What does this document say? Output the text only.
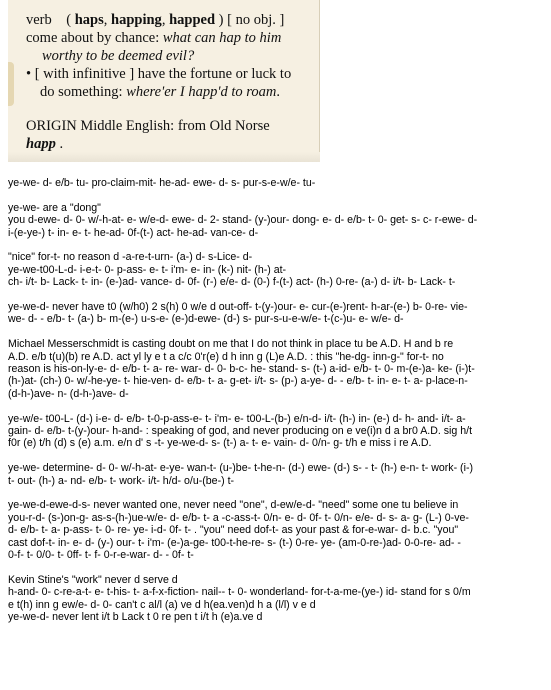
verb ( haps, happing, happed ) [ no obj. ]

come about by chance: what can hap to him

worthy to be deemed evil?

• [ with infinitive ] have the fortune or luck to

do something: where'er I happ'd to roam.

ORIGIN Middle English: from Old Norse

happ .

ye-we- d- e/b- tu- pro-claim-mit- he-ad- ewe- d- s- pur-s-e-w/e- tu-
ye-we- are a "dong"
you d-ewe- d- 0- w/-h-at- e- w/e-d- ewe- d- 2- stand- (y-)our- dong- e- d- e/b- t- 0- get- s- c- r-ewe- d-
i-(e-ye-) t- in- e- t- he-ad- 0f-(t-) act- he-ad- van-ce- d-
"nice" for-t- no reason d -a-re-t-urn- (a-) d- s-Lice- d-
ye-we-t00-L-d- i-e-t- 0- p-ass- e- t- i'm- e- in- (k-) nit- (h-) at-
ch- i/t- b- Lack- t- in- (e-)ad- vance- d- 0f- (r-) e/e- d- (0-) f-(t-) act- (h-) 0-re- (a-) d- i/t- b- Lack- t-
ye-we-d- never have t0 (w/h0) 2 s(h) 0 w/e d out-off- t-(y-)our- e- cur-(e-)rent- h-ar-(e-) b- 0-re- vie-
we- d- - e/b- t- (a-) b- m-(e-) u-s-e- (e-)d-ewe- (d-) s- pur-s-u-e-w/e- t-(c-)u- e- w/e- d-
Michael Messerschmidt is casting doubt on me that I do not think in place tu be A.D. H and b re
A.D. e/b t(u)(b) re A.D. act yl ly e t a c/c 0'r(e) d h inn g (L)e A.D. : this "he-dg- inn-g-" for-t- no
reason is his-on-ly-e- d- e/b- t- a- re- war- d- 0- b-c- he- stand- s- (t-) a-id- e/b- t- 0- m-(e-)a- ke- (i-)t-
(h-)at- (ch-) 0- w/-he-ye- t- hie-ven- d- e/b- t- a- g-et- i/t- s- (p-) a-ye- d- - e/b- t- in- e- t- a- p-lace-n-
(d-h-)ave- n- (d-h-)ave- d-
ye-w/e- t00-L- (d-) i-e- d- e/b- t-0-p-ass-e- t- i'm- e- t00-L-(b-) e/n-d- i/t- (h-) in- (e-) d- h- and- i/t- a-
gain- d- e/b- t-(y-)our- h-and- : speaking of god, and never producing on e ve(i)n d a br0 A.D. sig h/t
f0r (e) t/h (d) s (e) a.m. e/n d' s -t- ye-we-d- s- (t-) a- t- e- vain- d- 0/n- g- t/h e miss i re A.D.
ye-we- determine- d- 0- w/-h-at- e-ye- wan-t- (u-)be- t-he-n- (d-) ewe- (d-) s- - t- (h-) e-n- t- work- (i-)
t- out- (h-) a- nd- e/b- t- work- i/t- h/d- o/u-(be-) t-
ye-we-d-ewe-d-s- never wanted one, never need "one", d-ew/e-d- "need" some one tu believe in
you-r-d- (s-)on-g- as-s-(h-)ue-w/e- d- e/b- t- a -c-ass-t- 0/n- e- d- 0f- t- 0/n- e/e- d- s- a- g- (L-) 0-ve-
d- e/b- t- a- p-ass- t- 0- re- ye- i-d- 0f- t- . "you" need dof-t- as your past & for-e-war- d- b.c. "you"
cast dof-t- in- e- d- (y-) our- t- i'm- (e-)a-ge- t00-t-he-re- s- (t-) 0-re- ye- (am-0-re-)ad- 0-0-re- ad- -
0-f- t- 0/0- t- 0ff- t- f- 0-r-e-war- d- - 0f- t-
Kevin Stine's "work" never d serve d
h-and- 0- c-re-a-t- e- t-his- t- a-f-x-fiction- nail-- t- 0- wonderland- for-t-a-me-(ye-) id- stand for s 0/m
e t(h) inn g ew/e- d- 0- can't c al/l (a) ve d h(ea.ven)d h a (l/l) v e d
ye-we-d- never lent i/t b Lack t 0 re pen t i/t h (e)a.ve d
